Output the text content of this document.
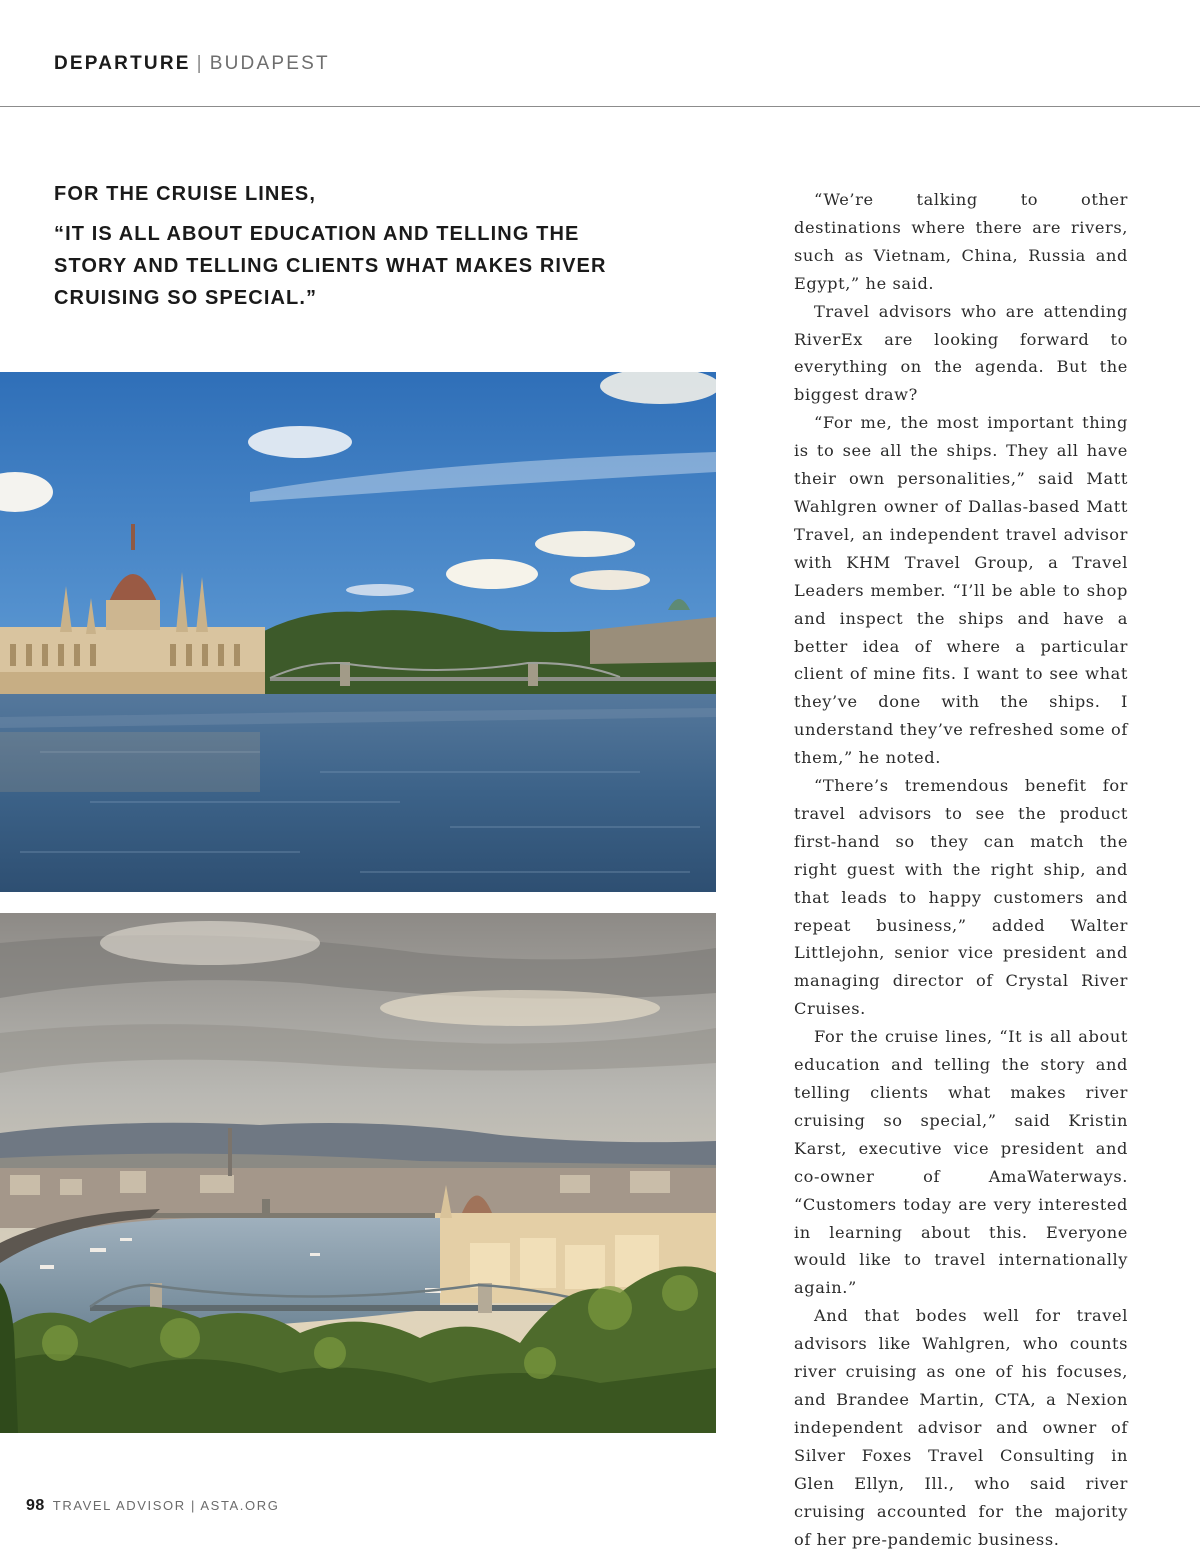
DEPARTURE | BUDAPEST
FOR THE CRUISE LINES,
“IT IS ALL ABOUT EDUCATION AND TELLING THE STORY AND TELLING CLIENTS WHAT MAKES RIVER CRUISING SO SPECIAL.”

“We’re talking to other destinations where there are rivers, such as Vietnam, China, Russia and Egypt,” he said.

Travel advisors who are attending RiverEx are looking forward to everything on the agenda. But the biggest draw?

“For me, the most important thing is to see all the ships. They all have their own personalities,” said Matt Wahlgren owner of Dallas-based Matt Travel, an independent travel advisor with KHM Travel Group, a Travel Leaders member. “I’ll be able to shop and inspect the ships and have a better idea of where a particular client of mine fits. I want to see what they’ve done with the ships. I understand they’ve refreshed some of them,” he noted.

“There’s tremendous benefit for travel advisors to see the product first-hand so they can match the right guest with the right ship, and that leads to happy customers and repeat business,” added Walter Littlejohn, senior vice president and managing director of Crystal River Cruises.

For the cruise lines, “It is all about education and telling the story and telling clients what makes river cruising so special,” said Kristin Karst, executive vice president and co-owner of AmaWaterways. “Customers today are very interested in learning about this. Everyone would like to travel internationally again.”

And that bodes well for travel advisors like Wahlgren, who counts river cruising as one of his focuses, and Brandee Martin, CTA, a Nexion independent advisor and owner of Silver Foxes Travel Consulting in Glen Ellyn, Ill., who said river cruising accounted for the majority of her pre-pandemic business.

98 TRAVEL ADVISOR | ASTA.ORG
